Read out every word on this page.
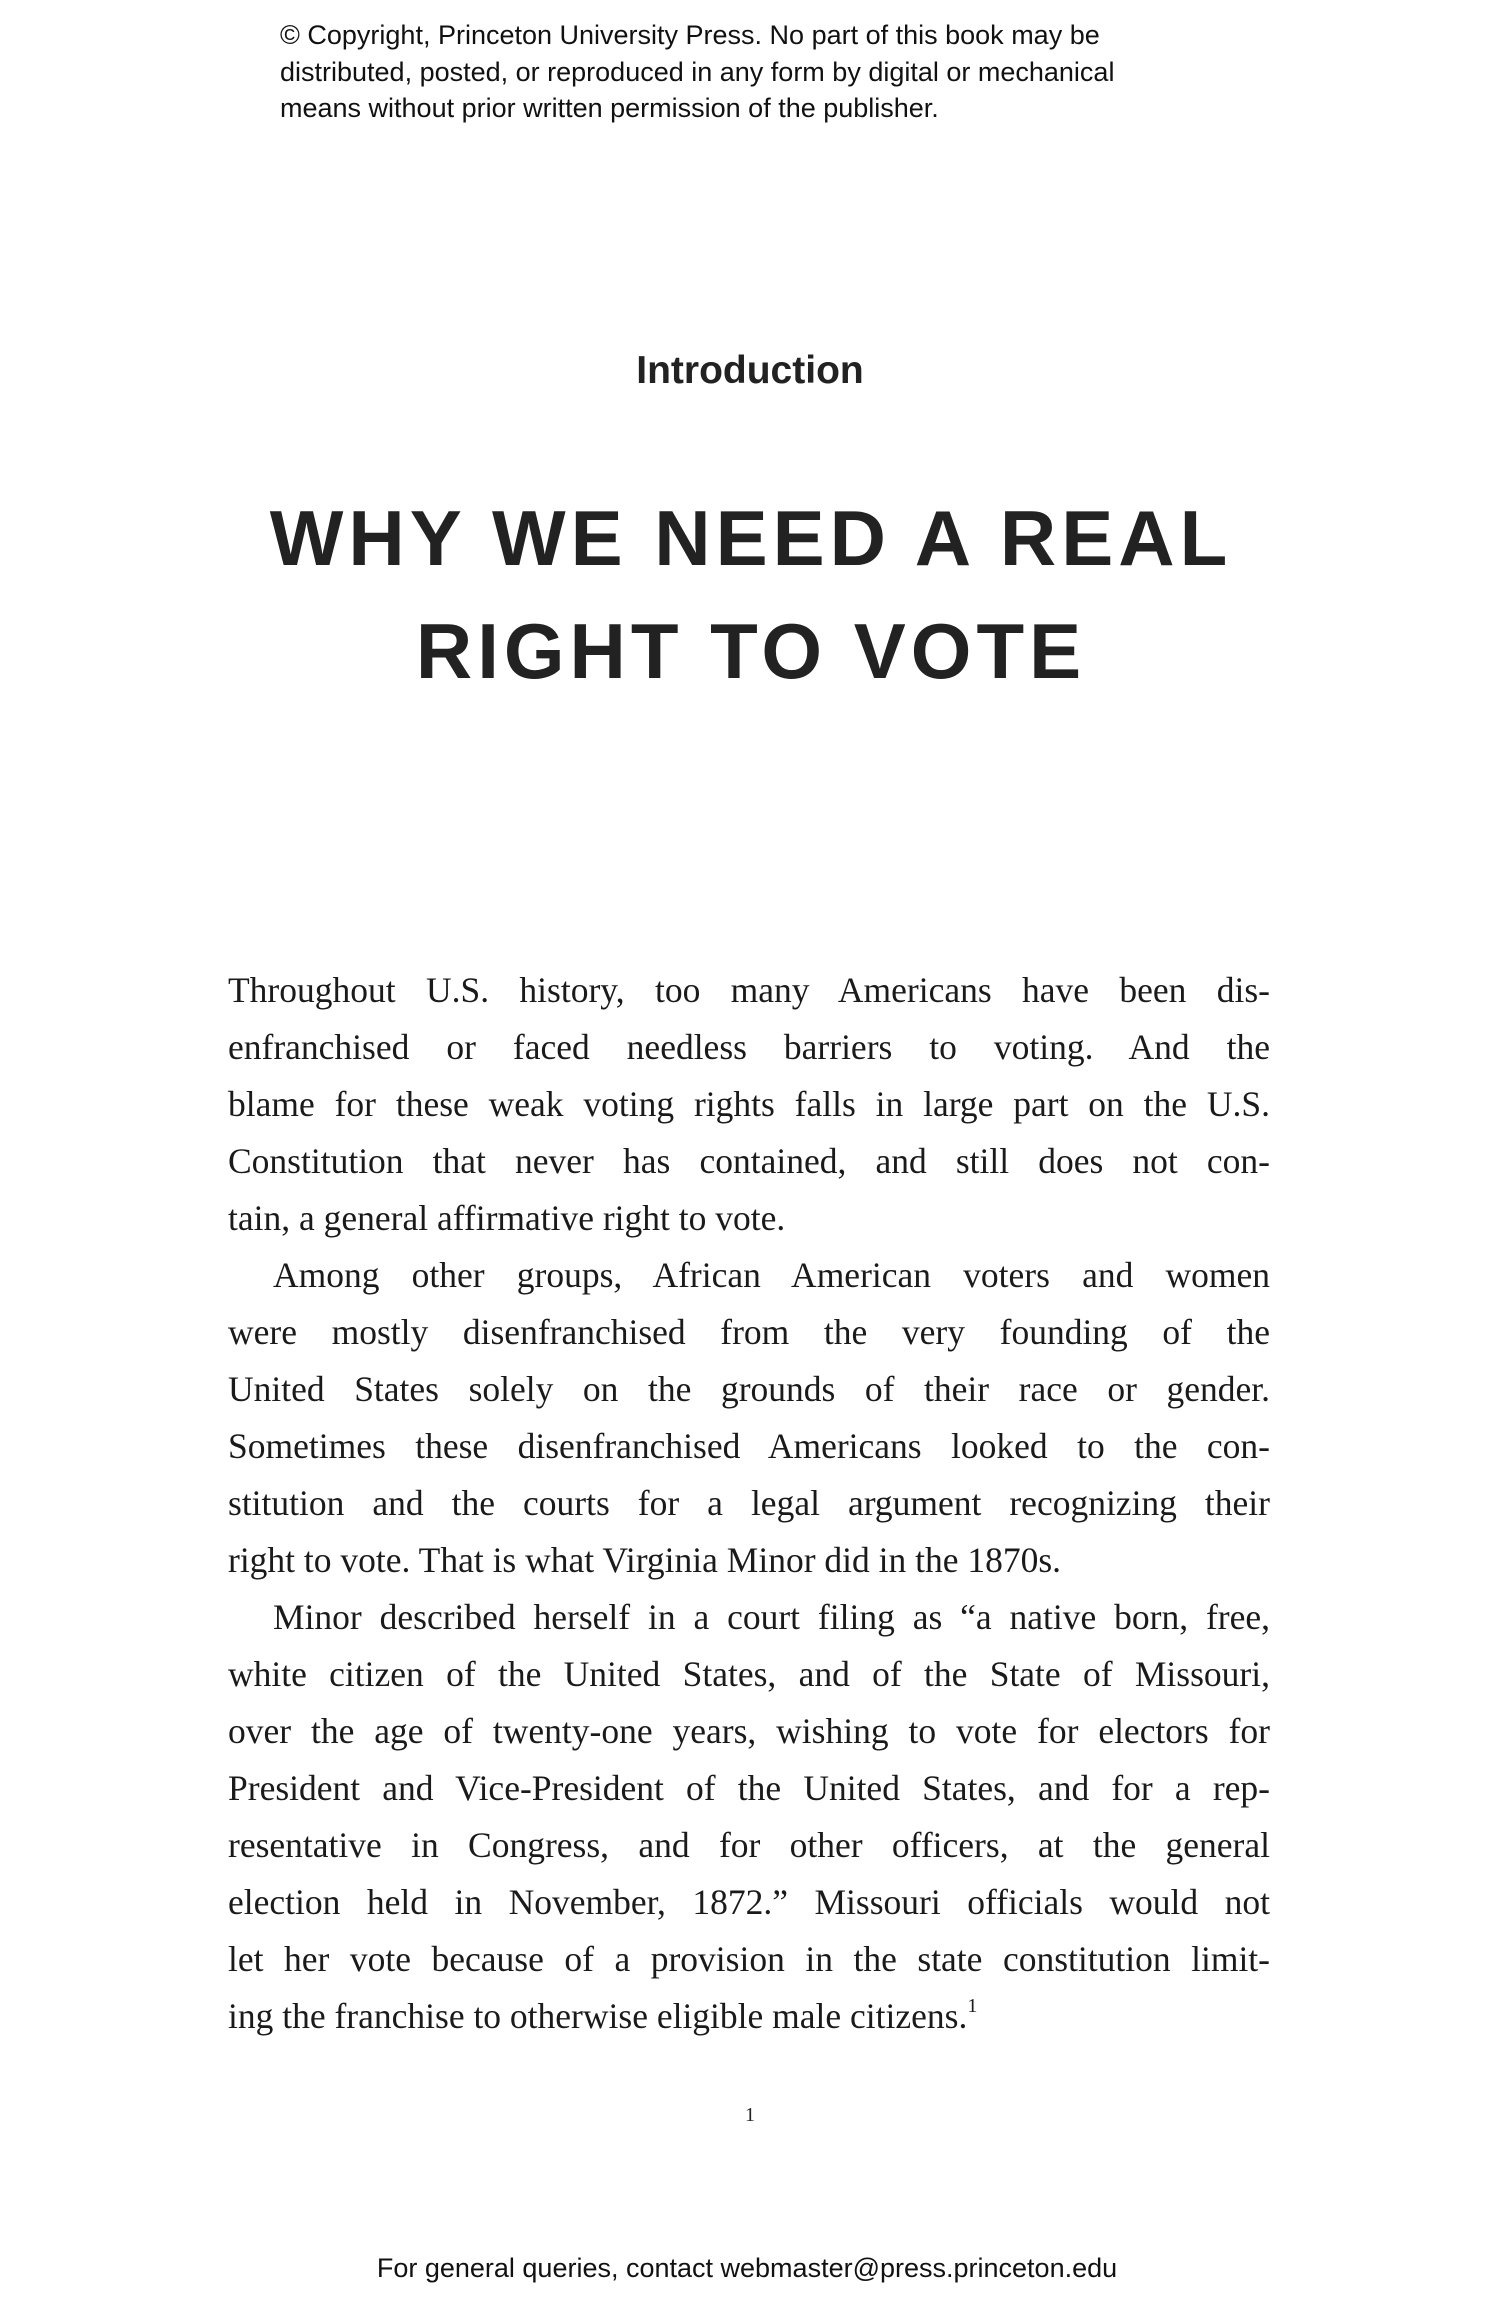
© Copyright, Princeton University Press. No part of this book may be
distributed, posted, or reproduced in any form by digital or mechanical
means without prior written permission of the publisher.
Introduction
WHY WE NEED A REAL
RIGHT TO VOTE
Throughout U.S. history, too many Americans have been dis-
enfranchised or faced needless barriers to voting. And the
blame for these weak voting rights falls in large part on the U.S.
Constitution that never has contained, and still does not con-
tain, a general affirmative right to vote.
Among other groups, African American voters and women
were mostly disenfranchised from the very founding of the
United States solely on the grounds of their race or gender.
Sometimes these disenfranchised Americans looked to the con-
stitution and the courts for a legal argument recognizing their
right to vote. That is what Virginia Minor did in the 1870s.
Minor described herself in a court filing as “a native born, free,
white citizen of the United States, and of the State of Missouri,
over the age of twenty-one years, wishing to vote for electors for
President and Vice-President of the United States, and for a rep-
resentative in Congress, and for other officers, at the general
election held in November, 1872.” Missouri officials would not
let her vote because of a provision in the state constitution limit-
ing the franchise to otherwise eligible male citizens.$^1$
1
For general queries, contact webmaster@press.princeton.edu
